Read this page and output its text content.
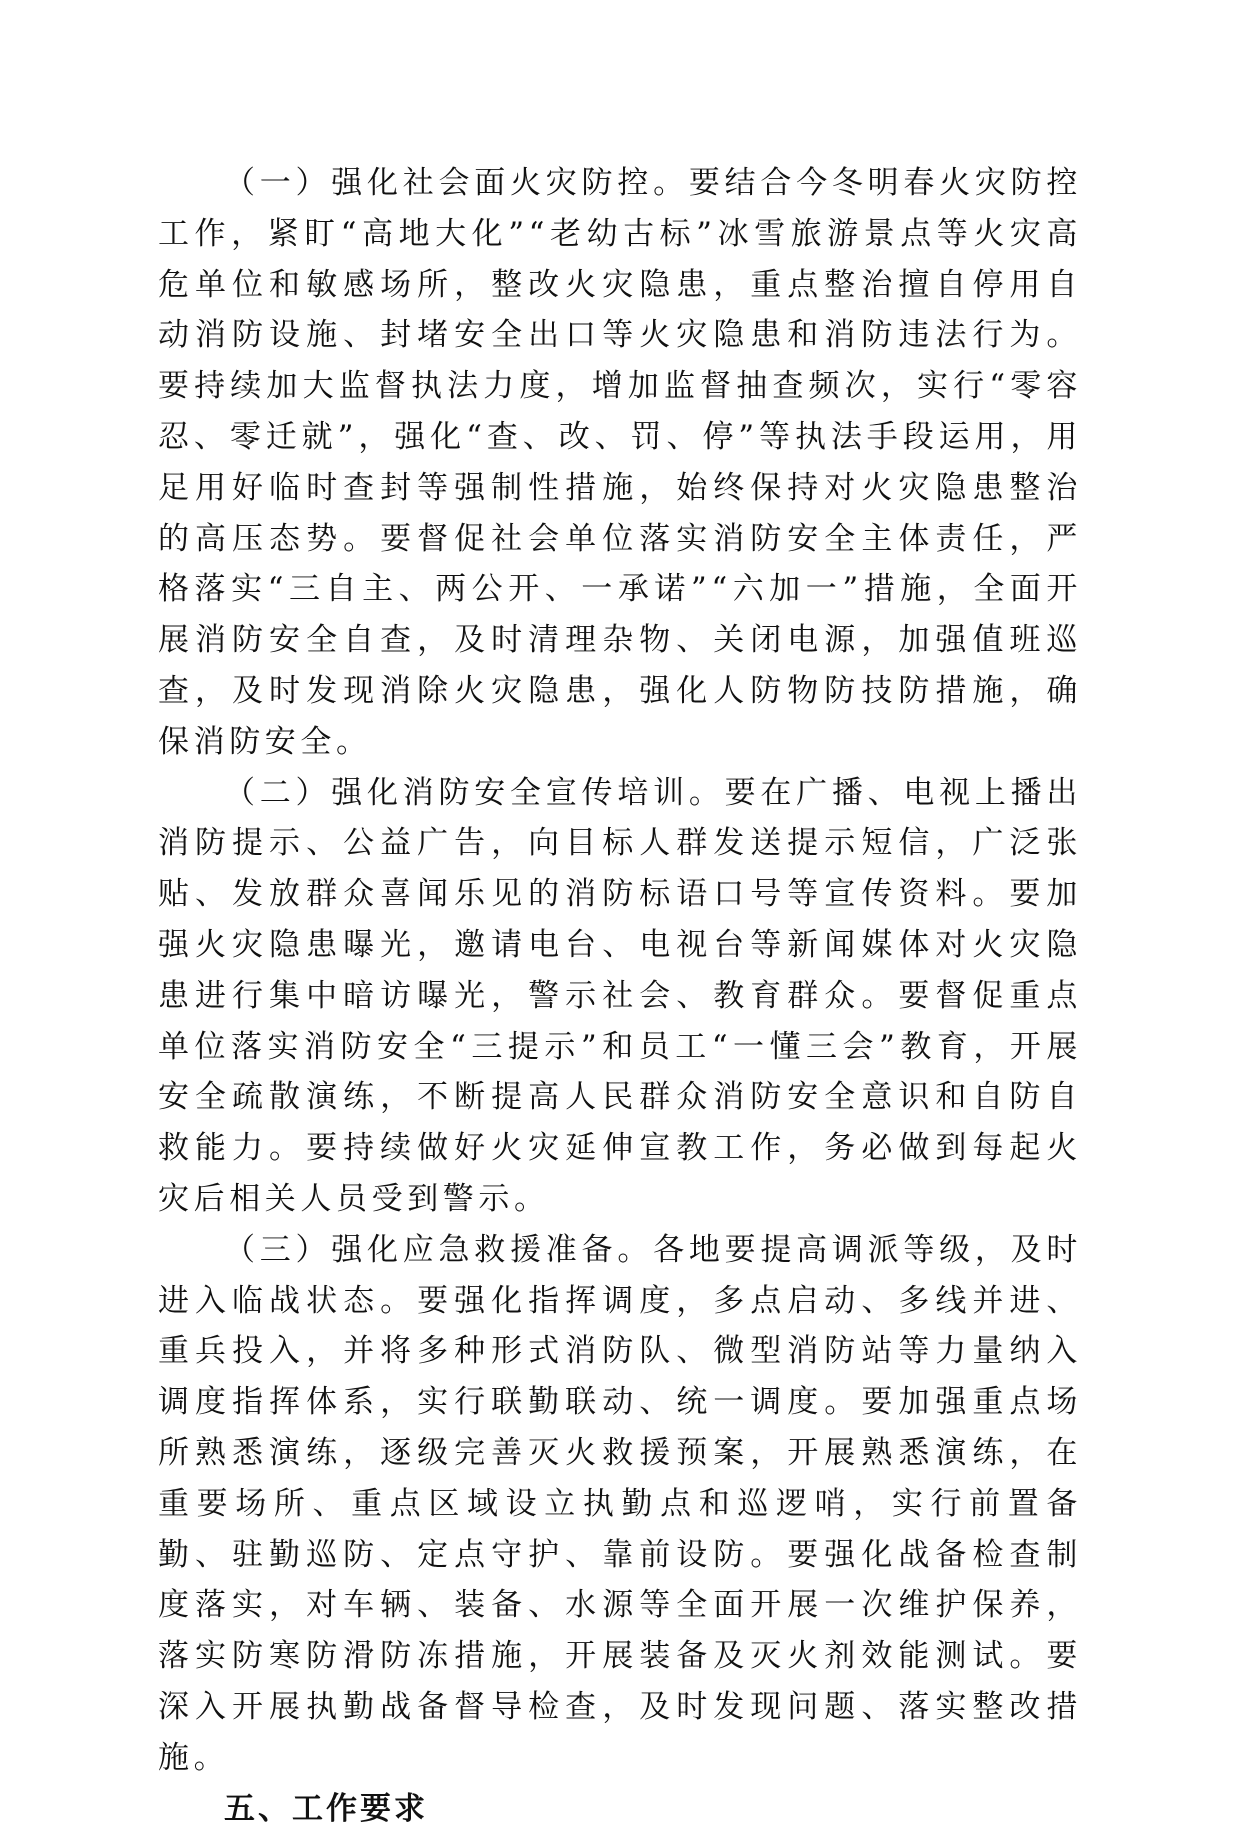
（一）强化社会面火灾防控。要结合今冬明春火灾防控工作，紧盯“高地大化”“老幼古标”冰雪旅游景点等火灾高危单位和敏感场所，整改火灾隐患，重点整治擅自停用自动消防设施、封堵安全出口等火灾隐患和消防违法行为。要持续加大监督执法力度，增加监督抽查频次，实行“零容忍、零迁就”，强化“查、改、罚、停”等执法手段运用，用足用好临时查封等强制性措施，始终保持对火灾隐患整治的高压态势。要督促社会单位落实消防安全主体责任，严格落实“三自主、两公开、一承诺”“六加一”措施，全面开展消防安全自查，及时清理杂物、关闭电源，加强值班巡查，及时发现消除火灾隐患，强化人防物防技防措施，确保消防安全。

（二）强化消防安全宣传培训。要在广播、电视上播出消防提示、公益广告，向目标人群发送提示短信，广泛张贴、发放群众喜闻乐见的消防标语口号等宣传资料。要加强火灾隐患曝光，邀请电台、电视台等新闻媒体对火灾隐患进行集中暗访曝光，警示社会、教育群众。要督促重点单位落实消防安全“三提示”和员工“一懂三会”教育，开展安全疏散演练，不断提高人民群众消防安全意识和自防自救能力。要持续做好火灾延伸宣教工作，务必做到每起火灾后相关人员受到警示。

（三）强化应急救援准备。各地要提高调派等级，及时进入临战状态。要强化指挥调度，多点启动、多线并进、重兵投入，并将多种形式消防队、微型消防站等力量纳入调度指挥体系，实行联勤联动、统一调度。要加强重点场所熟悉演练，逐级完善灭火救援预案，开展熟悉演练，在重要场所、重点区域设立执勤点和巡逻哨，实行前置备勤、驻勤巡防、定点守护、靠前设防。要强化战备检查制度落实，对车辆、装备、水源等全面开展一次维护保养，落实防寒防滑防冻措施，开展装备及灭火剂效能测试。要深入开展执勤战备督导检查，及时发现问题、落实整改措施。

五、工作要求
